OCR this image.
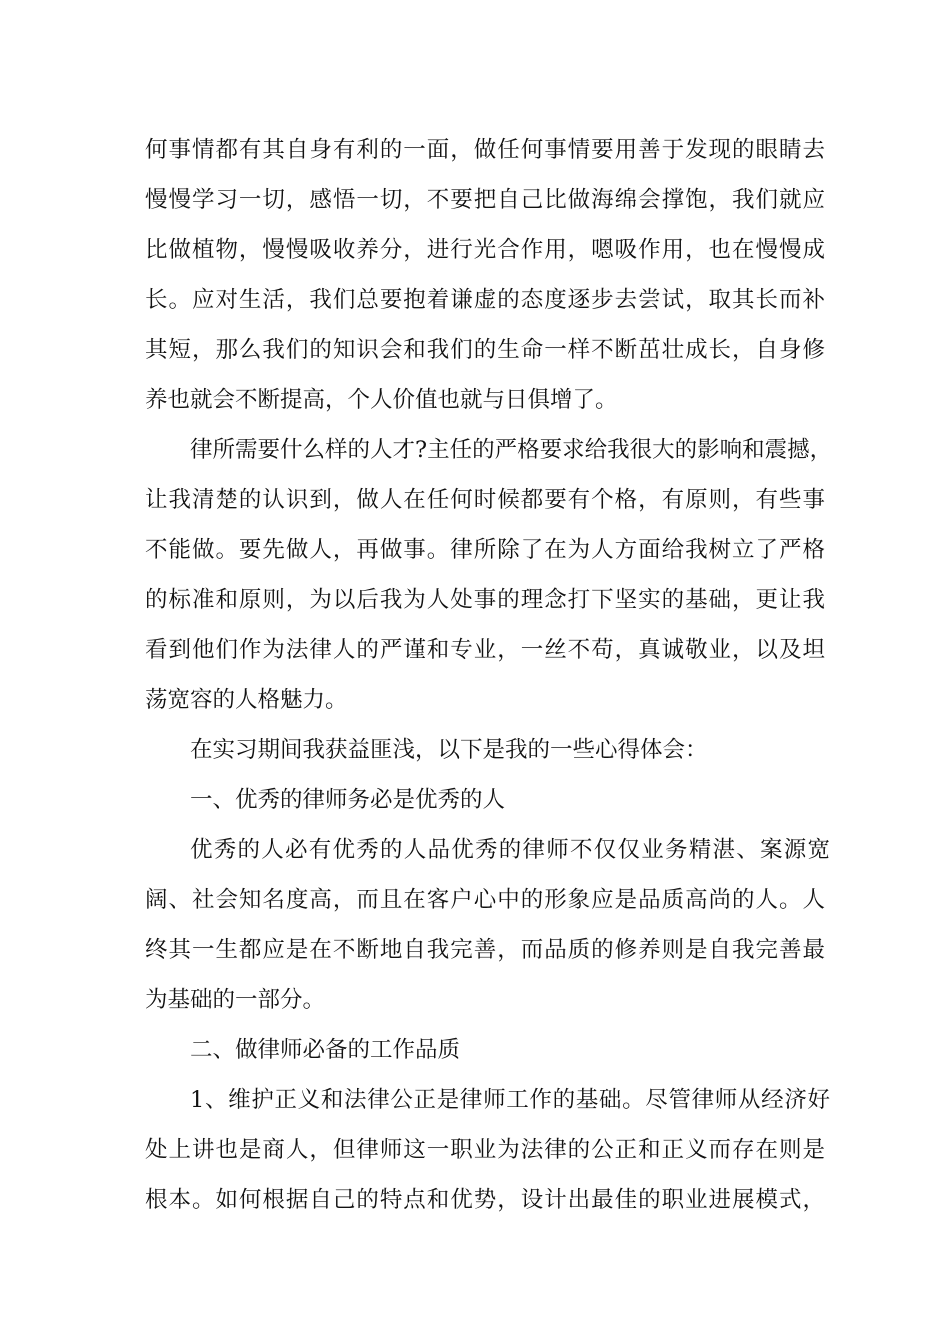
何事情都有其自身有利的一面，做任何事情要用善于发现的眼睛去
慢慢学习一切，感悟一切，不要把自己比做海绵会撑饱，我们就应
比做植物，慢慢吸收养分，进行光合作用，嗯吸作用，也在慢慢成
长。应对生活，我们总要抱着谦虚的态度逐步去尝试，取其长而补
其短，那么我们的知识会和我们的生命一样不断茁壮成长，自身修
养也就会不断提高，个人价值也就与日俱增了。
律所需要什么样的人才?主任的严格要求给我很大的影响和震撼，
让我清楚的认识到，做人在任何时候都要有个格，有原则，有些事
不能做。要先做人，再做事。律所除了在为人方面给我树立了严格
的标准和原则，为以后我为人处事的理念打下坚实的基础，更让我
看到他们作为法律人的严谨和专业，一丝不苟，真诚敬业，以及坦
荡宽容的人格魅力。
在实习期间我获益匪浅，以下是我的一些心得体会：
一、优秀的律师务必是优秀的人
优秀的人必有优秀的人品优秀的律师不仅仅业务精湛、案源宽
阔、社会知名度高，而且在客户心中的形象应是品质高尚的人。人
终其一生都应是在不断地自我完善，而品质的修养则是自我完善最
为基础的一部分。
二、做律师必备的工作品质
1、维护正义和法律公正是律师工作的基础。尽管律师从经济好
处上讲也是商人，但律师这一职业为法律的公正和正义而存在则是
根本。如何根据自己的特点和优势，设计出最佳的职业进展模式，
